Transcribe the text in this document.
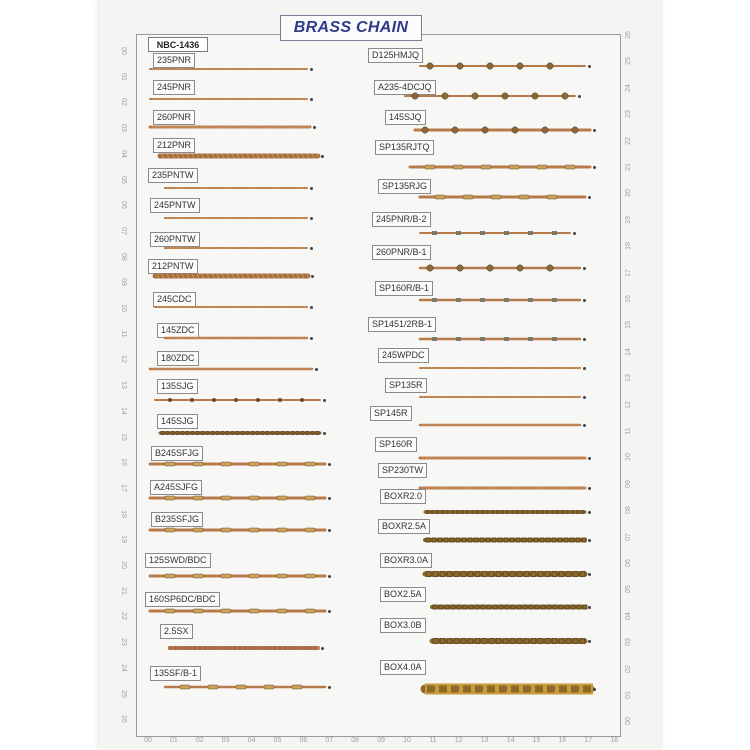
BRASS CHAIN
NBC-1436
00
01
02
03
04
05
06
07
08
09
10
11
12
13
14
15
16
17
18
19
20
21
22
23
24
25
26
26
25
24
23
22
21
20
19
18
17
16
15
14
13
12
11
10
09
08
07
06
05
04
03
02
01
00
00	01	02	03	04	05	06	07	08	09	10	11	12	13	14	15	16	17	18
235PNR
245PNR
260PNR
212PNR
235PNTW
245PNTW
260PNTW
212PNTW
245CDC
145ZDC
180ZDC
135SJG
145SJG
B245SFJG
A245SJFG
B235SFJG
125SWD/BDC
160SP6DC/BDC
2.5SX
135SF/B-1
D125HMJQ
A235-4DCJQ
145SJQ
SP135RJTQ
SP135RJG
245PNR/B-2
260PNR/B-1
SP160R/B-1
SP1451/2RB-1
245WPDC
SP135R
SP145R
SP160R
SP230TW
BOXR2.0
BOXR2.5A
BOXR3.0A
BOX2.5A
BOX3.0B
BOX4.0A
